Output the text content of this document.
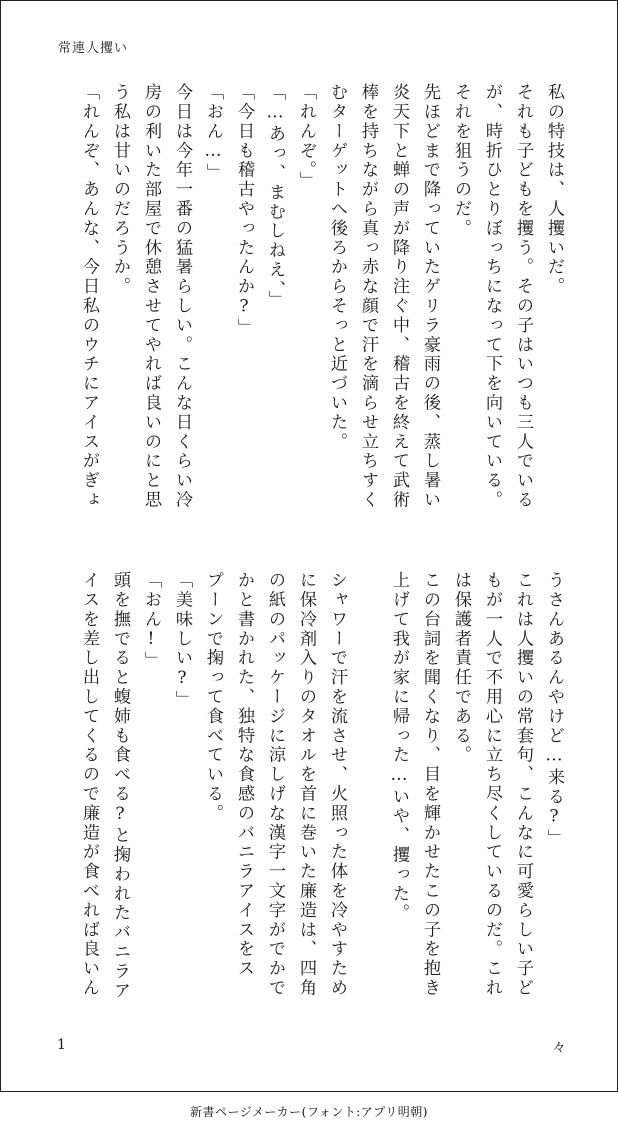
常連人攫い

私の特技は、人攫いだ。
それも子どもを攫う。その子はいつも三人でいる
が、時折ひとりぼっちになって下を向いている。
それを狙うのだ。
先ほどまで降っていたゲリラ豪雨の後、蒸し暑い
炎天下と蝉の声が降り注ぐ中、稽古を終えて武術
棒を持ちながら真っ赤な顔で汗を滴らせ立ちすく
むターゲットへ後ろからそっと近づいた。
「れんぞ。」
「…あっ、まむしねえ、」
「今日も稽古やったんか?」
「おん…」
今日は今年一番の猛暑らしい。こんな日くらい冷
房の利いた部屋で休憩させてやれば良いのにと思
う私は甘いのだろうか。
「れんぞ、あんな、今日私のウチにアイスがぎょ

うさんあるんやけど…来る?」
これは人攫いの常套句、こんなに可愛らしい子ど
もが一人で不用心に立ち尽くしているのだ。これ
は保護者責任である。
この台詞を聞くなり、目を輝かせたこの子を抱き
上げて我が家に帰った…いや、攫った。

シャワーで汗を流させ、火照った体を冷やすため
に保冷剤入りのタオルを首に巻いた廉造は、四角
の紙のパッケージに涼しげな漢字一文字がでかで
かと書かれた、独特な食感のバニラアイスをス
プーンで掬って食べている。
「美味しい?」
「おん!」
頭を撫でると蝮姉も食べる?と掬われたバニラア
イスを差し出してくるので廉造が食べれば良いん

1	々
新書ページメーカー(フォント:アプリ明朝)
